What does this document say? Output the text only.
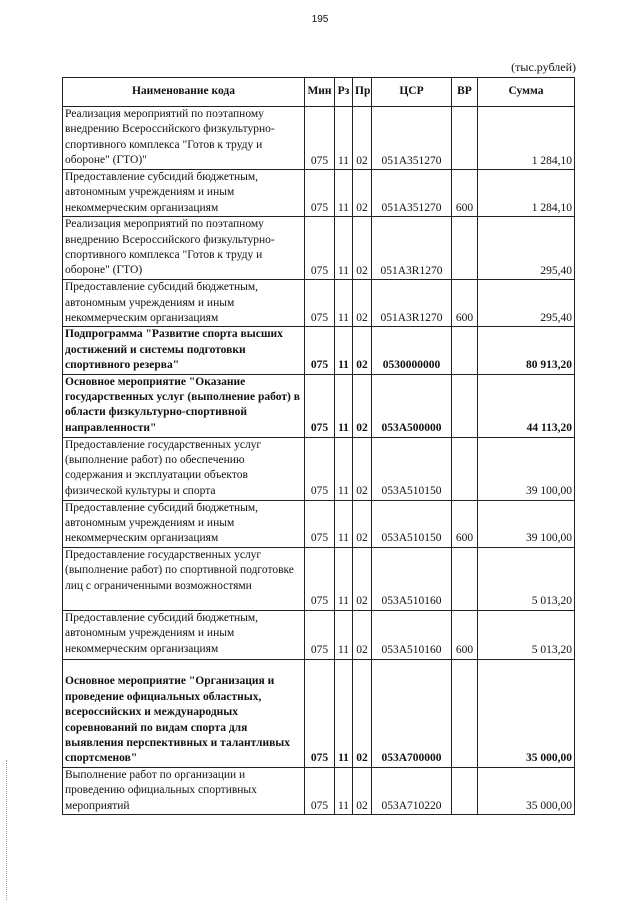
195
(тыс.рублей)
Наименование кода	Мин	Рз	Пр	ЦСР	ВР	Сумма
Реализация мероприятий по поэтапному внедрению Всероссийского физкультурно-спортивного комплекса "Готов к труду и обороне" (ГТО)"	075	11	02	051A351270		1 284,10
Предоставление субсидий бюджетным, автономным учреждениям и иным некоммерческим организациям	075	11	02	051A351270	600	1 284,10
Реализация мероприятий по поэтапному внедрению Всероссийского физкультурно-спортивного комплекса "Готов к труду и обороне" (ГТО)	075	11	02	051A3R1270		295,40
Предоставление субсидий бюджетным, автономным учреждениям и иным некоммерческим организациям	075	11	02	051A3R1270	600	295,40
Подпрограмма "Развитие спорта высших достижений и системы подготовки спортивного резерва"	075	11	02	0530000000		80 913,20
Основное мероприятие "Оказание государственных услуг (выполнение работ) в области физкультурно-спортивной направленности"	075	11	02	053A500000		44 113,20
Предоставление государственных услуг (выполнение работ) по обеспечению содержания и эксплуатации объектов физической культуры и спорта	075	11	02	053A510150		39 100,00
Предоставление субсидий бюджетным, автономным учреждениям и иным некоммерческим организациям	075	11	02	053A510150	600	39 100,00
Предоставление государственных услуг (выполнение работ) по спортивной подготовке лиц с ограниченными возможностями	075	11	02	053A510160		5 013,20
Предоставление субсидий бюджетным, автономным учреждениям и иным некоммерческим организациям	075	11	02	053A510160	600	5 013,20
Основное мероприятие "Организация и проведение официальных областных, всероссийских и международных соревнований по видам спорта для выявления перспективных и талантливых спортсменов"	075	11	02	053A700000		35 000,00
Выполнение работ по организации и проведению официальных спортивных мероприятий	075	11	02	053A710220		35 000,00
